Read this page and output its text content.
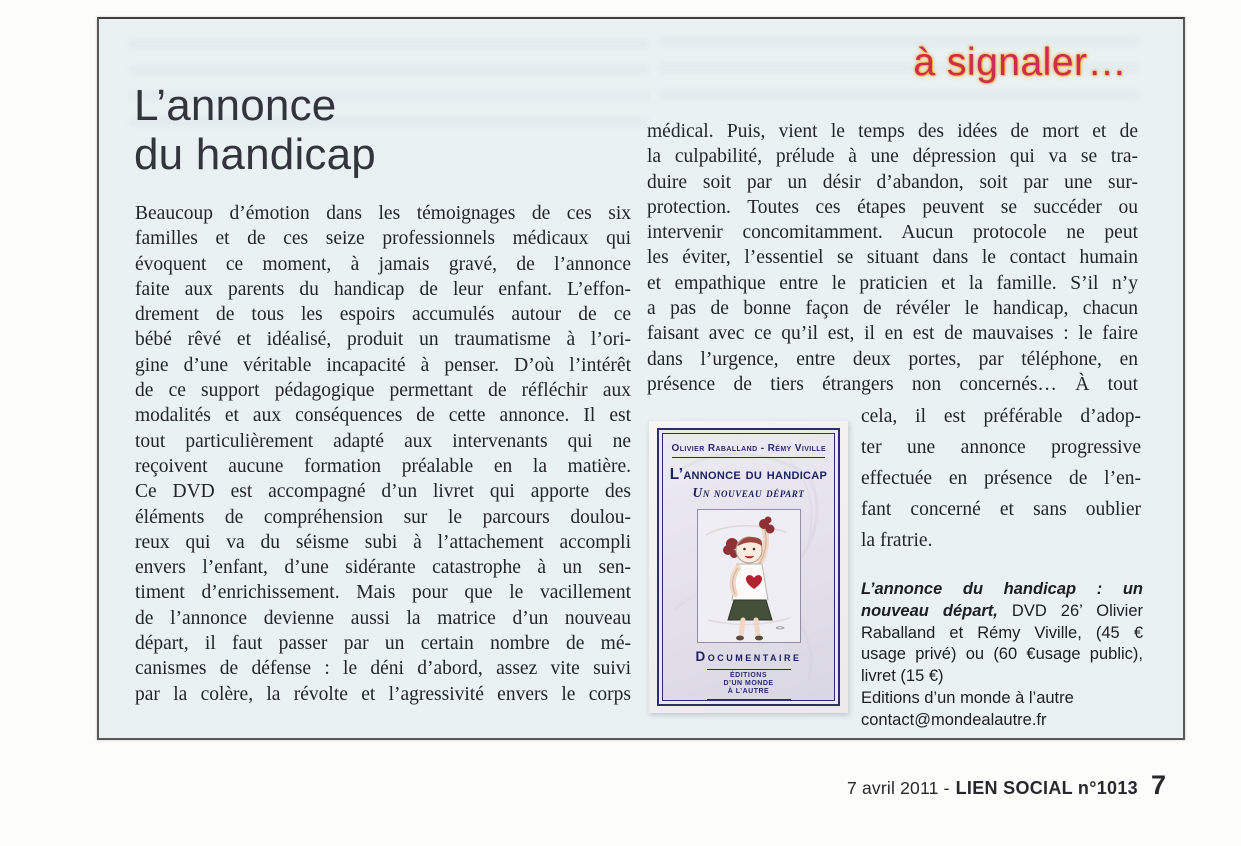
à signaler…
L’annonce
du handicap
Beaucoup d’émotion dans les témoignages de ces six
familles et de ces seize professionnels médicaux qui
évoquent ce moment, à jamais gravé, de l’annonce
faite aux parents du handicap de leur enfant. L’effon-
drement de tous les espoirs accumulés autour de ce
bébé rêvé et idéalisé, produit un traumatisme à l’ori-
gine d’une véritable incapacité à penser. D’où l’intérêt
de ce support pédagogique permettant de réfléchir aux
modalités et aux conséquences de cette annonce. Il est
tout particulièrement adapté aux intervenants qui ne
reçoivent aucune formation préalable en la matière.
Ce DVD est accompagné d’un livret qui apporte des
éléments de compréhension sur le parcours doulou-
reux qui va du séisme subi à l’attachement accompli
envers l’enfant, d’une sidérante catastrophe à un sen-
timent d’enrichissement. Mais pour que le vacillement
de l’annonce devienne aussi la matrice d’un nouveau
départ, il faut passer par un certain nombre de mé-
canismes de défense : le déni d’abord, assez vite suivi
par la colère, la révolte et l’agressivité envers le corps
médical. Puis, vient le temps des idées de mort et de
la culpabilité, prélude à une dépression qui va se tra-
duire soit par un désir d’abandon, soit par une sur-
protection. Toutes ces étapes peuvent se succéder ou
intervenir concomitamment. Aucun protocole ne peut
les éviter, l’essentiel se situant dans le contact humain
et empathique entre le praticien et la famille. S’il n’y
a pas de bonne façon de révéler le handicap, chacun
faisant avec ce qu’il est, il en est de mauvaises : le faire
dans l’urgence, entre deux portes, par téléphone, en
présence de tiers étrangers non concernés… À tout
cela, il est préférable d’adop-
ter une annonce progressive
effectuée en présence de l’en-
fant concerné et sans oublier
la fratrie.
Olivier Raballand - Rémy Viville
L’annonce du handicap
Un nouveau départ
Documentaire
ÉDITIONS
D’UN MONDE
À L’AUTRE
L’annonce du handicap : un nouveau départ, DVD 26’ Olivier Raballand et Rémy Viville, (45 € usage privé) ou (60 €usage public), livret (15 €)
Editions d’un monde à l’autre
contact@mondealautre.fr
7 avril 2011 - LIEN SOCIAL n°1013 7
